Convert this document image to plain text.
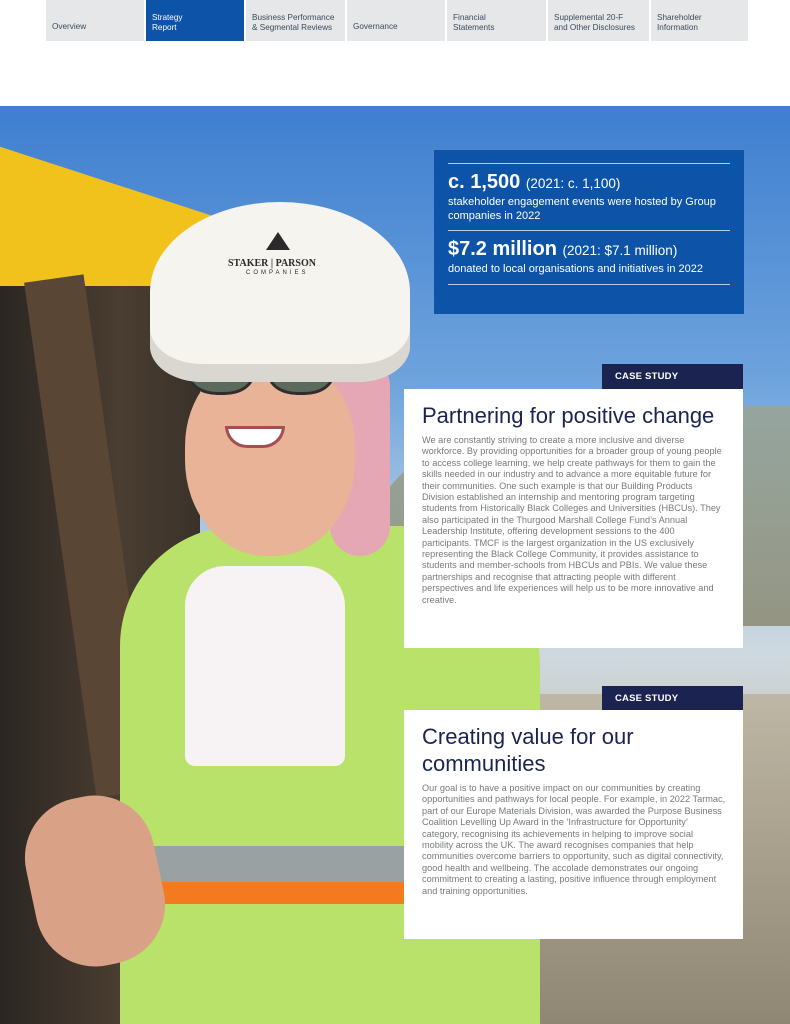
Overview
Strategy
Report
Business Performance
& Segmental Reviews	Governance
Financial
Statements
Supplemental 20-F
and Other Disclosures
Shareholder
Information
STAKER | PARSON
COMPANIES
c. 1,500 (2021: c. 1,100)
stakeholder engagement events were hosted by Group companies in 2022
$7.2 million (2021: $7.1 million)
donated to local organisations and initiatives in 2022
CASE STUDY
Partnering for positive change

We are constantly striving to create a more inclusive and diverse workforce. By providing opportunities for a broader group of young people to access college learning, we help create pathways for them to gain the skills needed in our industry and to advance a more equitable future for their communities. One such example is that our Building Products Division established an internship and mentoring program targeting students from Historically Black Colleges and Universities (HBCUs). They also participated in the Thurgood Marshall College Fund’s Annual Leadership Institute, offering development sessions to the 400 participants. TMCF is the largest organization in the US exclusively representing the Black College Community, it provides assistance to students and member-schools from HBCUs and PBIs. We value these partnerships and recognise that attracting people with different perspectives and life experiences will help us to be more innovative and creative.

CASE STUDY
Creating value for our communities

Our goal is to have a positive impact on our communities by creating opportunities and pathways for local people. For example, in 2022 Tarmac, part of our Europe Materials Division, was awarded the Purpose Business Coalition Levelling Up Award in the ‘Infrastructure for Opportunity’ category, recognising its achievements in helping to improve social mobility across the UK. The award recognises companies that help communities overcome barriers to opportunity, such as digital connectivity, good health and wellbeing. The accolade demonstrates our ongoing commitment to creating a lasting, positive influence through employment and training opportunities.
